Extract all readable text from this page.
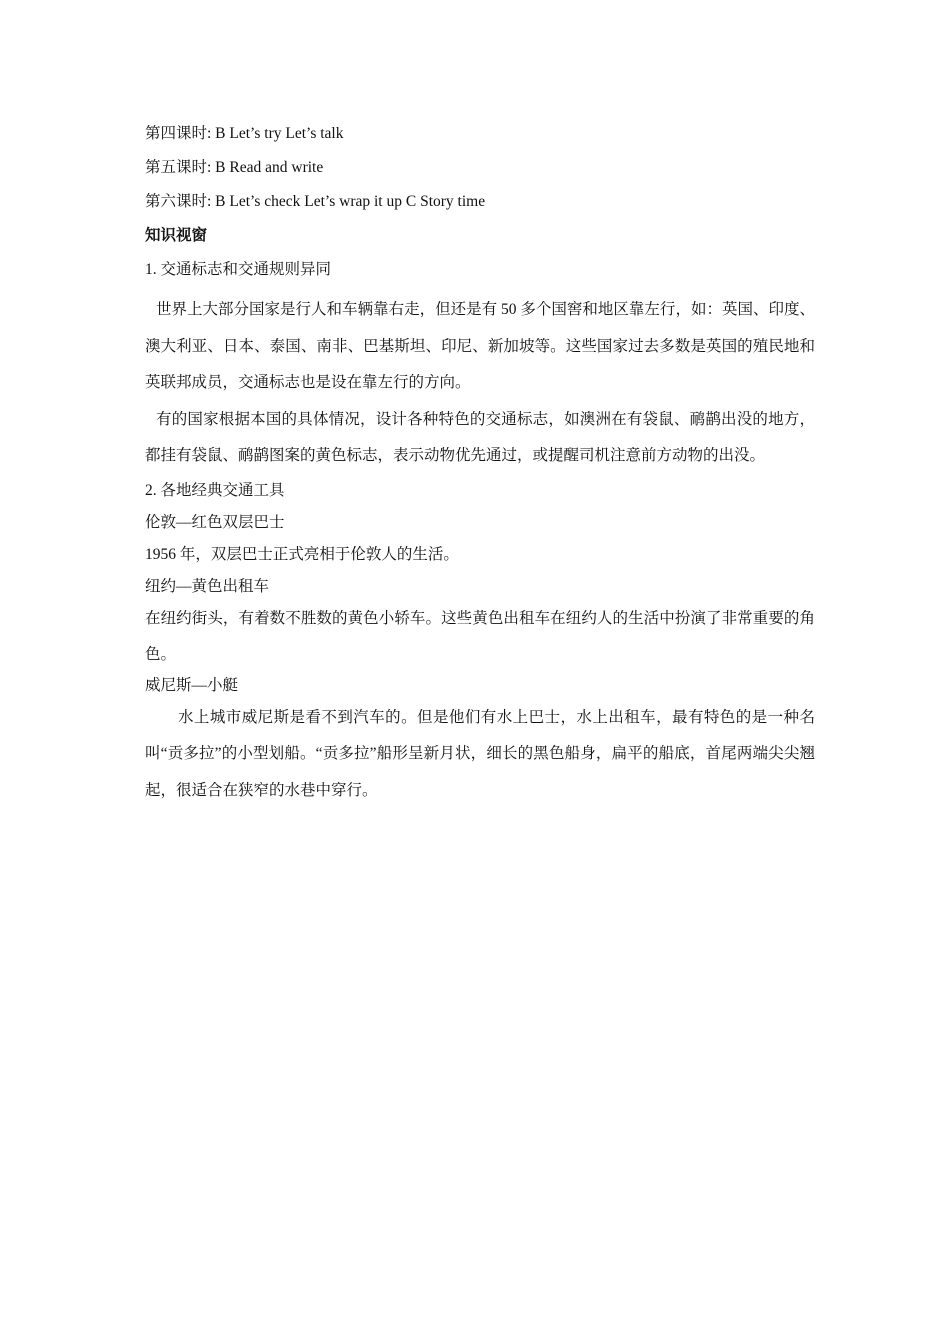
第四课时: B Let’s try Let’s talk

第五课时: B Read and write

第六课时: B Let’s check Let’s wrap it up C Story time

知识视窗

1. 交通标志和交通规则异同

世界上大部分国家是行人和车辆靠右走，但还是有 50 多个国窖和地区靠左行，如：英国、印度、澳大利亚、日本、泰国、南非、巴基斯坦、印尼、新加坡等。这些国家过去多数是英国的殖民地和英联邦成员，交通标志也是设在靠左行的方向。

有的国家根据本国的具体情况，设计各种特色的交通标志，如澳洲在有袋鼠、鸸鹋出没的地方，都挂有袋鼠、鸸鹋图案的黄色标志，表示动物优先通过，或提醒司机注意前方动物的出没。

2. 各地经典交通工具

伦敦—红色双层巴士

1956 年，双层巴士正式亮相于伦敦人的生活。

纽约—黄色出租车

在纽约街头，有着数不胜数的黄色小轿车。这些黄色出租车在纽约人的生活中扮演了非常重要的角色。

威尼斯—小艇

水上城市威尼斯是看不到汽车的。但是他们有水上巴士，水上出租车，最有特色的是一种名叫“贡多拉”的小型划船。“贡多拉”船形呈新月状，细长的黑色船身，扁平的船底，首尾两端尖尖翘起，很适合在狭窄的水巷中穿行。
